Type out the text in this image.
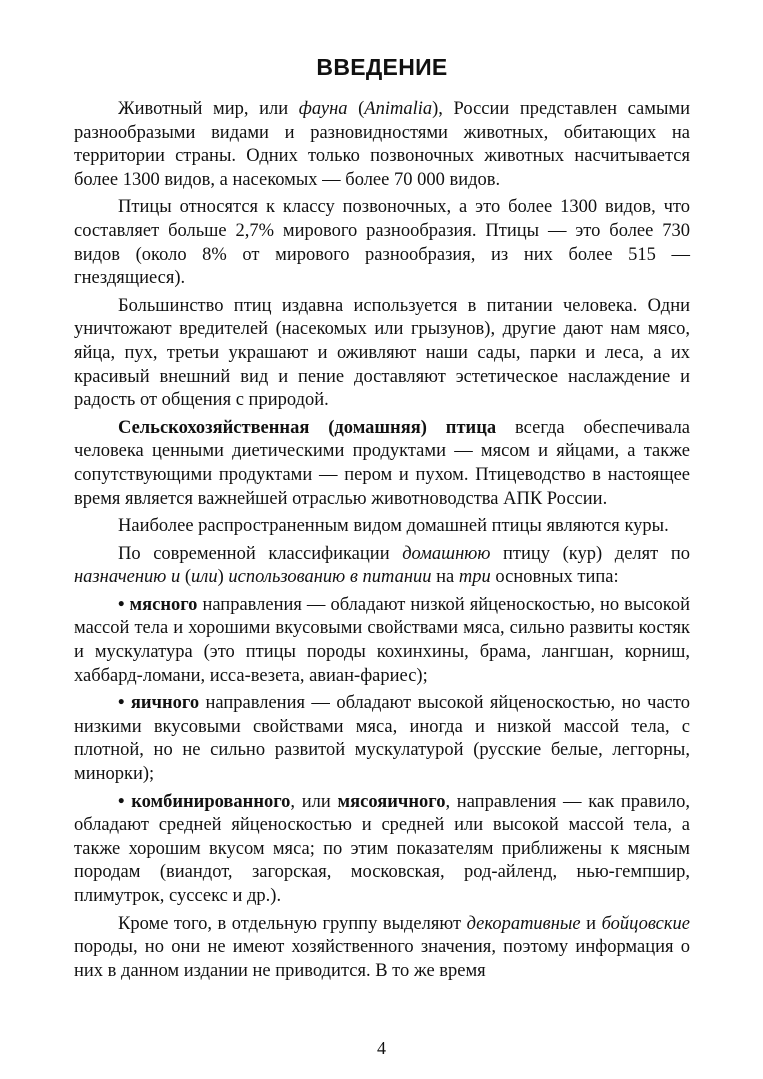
ВВЕДЕНИЕ

Животный мир, или фауна (Animalia), России представлен самыми разнообразыми видами и разновидностями животных, обитающих на территории страны. Одних только позвоночных животных насчитывается более 1300 видов, а насекомых — более 70 000 видов.

Птицы относятся к классу позвоночных, а это более 1300 видов, что составляет больше 2,7% мирового разнообразия. Птицы — это более 730 видов (около 8% от мирового разнообразия, из них более 515 — гнездящиеся).

Большинство птиц издавна используется в питании человека. Одни уничтожают вредителей (насекомых или грызунов), другие дают нам мясо, яйца, пух, третьи украшают и оживляют наши сады, парки и леса, а их красивый внешний вид и пение доставляют эстетическое наслаждение и радость от общения с природой.

Сельскохозяйственная (домашняя) птица всегда обеспечивала человека ценными диетическими продуктами — мясом и яйцами, а также сопутствующими продуктами — пером и пухом. Птицеводство в настоящее время является важнейшей отраслью животноводства АПК России.

Наиболее распространенным видом домашней птицы являются куры.

По современной классификации домашнюю птицу (кур) делят по назначению и (или) использованию в питании на три основных типа:

• мясного направления — обладают низкой яйценоскостью, но высокой массой тела и хорошими вкусовыми свойствами мяса, сильно развиты костяк и мускулатура (это птицы породы кохинхины, брама, лангшан, корниш, хаббард-ломани, исса-везета, авиан-фариес);

• яичного направления — обладают высокой яйценоскостью, но часто низкими вкусовыми свойствами мяса, иногда и низкой массой тела, с плотной, но не сильно развитой мускулатурой (русские белые, леггорны, минорки);

• комбинированного, или мясояичного, направления — как правило, обладают средней яйценоскостью и средней или высокой массой тела, а также хорошим вкусом мяса; по этим показателям приближены к мясным породам (виандот, загорская, московская, род-айленд, нью-гемпшир, плимутрок, суссекс и др.).

Кроме того, в отдельную группу выделяют декоративные и бойцовские породы, но они не имеют хозяйственного значения, поэтому информация о них в данном издании не приводится. В то же время

4
